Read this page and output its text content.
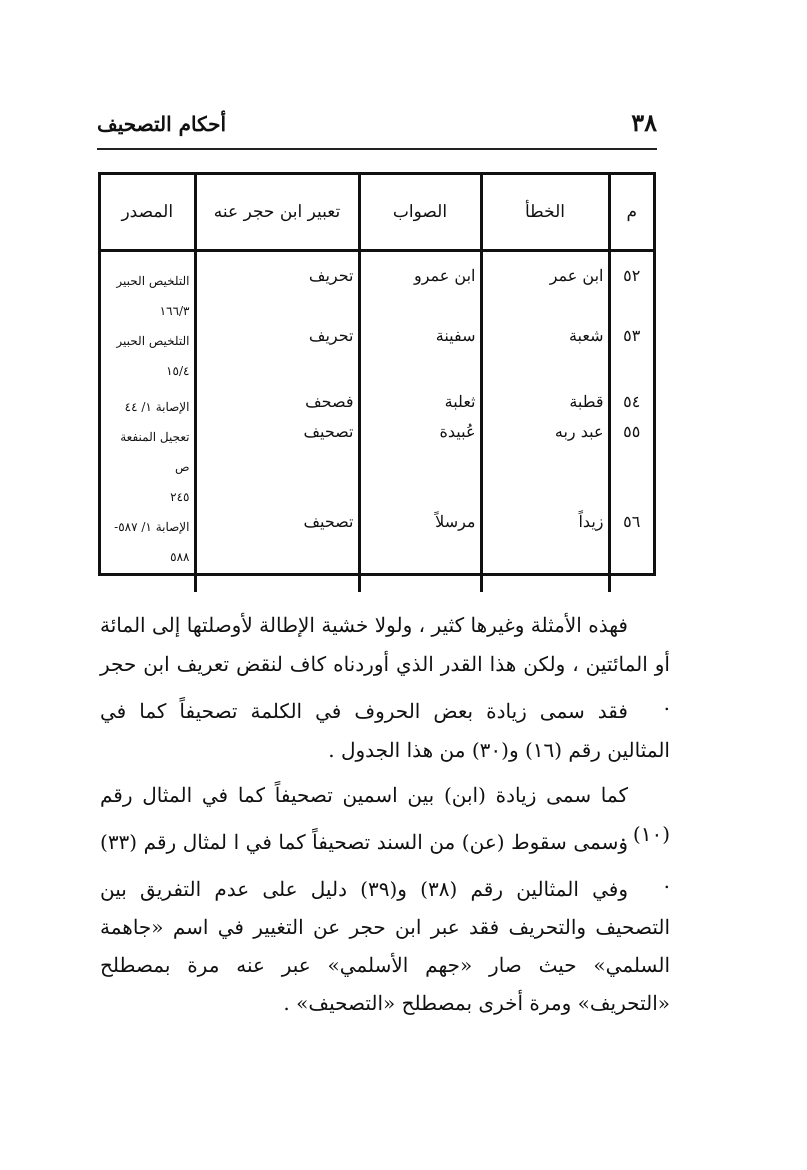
٣٨
أحكام التصحيف
م	الخطأ	الصواب	تعبير ابن حجر عنه	المصدر
٥٢	ابن عمر	ابن عمرو	تحريف	التلخيص الحبير
١٦٦/٣

٥٣	شعبة	سفينة	تحريف	التلخيص الحبير
١٥/٤

٥٤	قطبة	ثعلبة	فصحف	الإصابة ١/ ٤٤

٥٥	عبد ربه	عُبيدة	تصحيف	تعجيل المنفعة ص
٢٤٥

٥٦	زيداً	مرسلاً	تصحيف	الإصابة ١/ ٥٨٧-
٥٨٨

فهذه الأمثلة وغيرها كثير ، ولولا خشية الإطالة لأوصلتها إلى المائة أو المائتين ، ولكن هذا القدر الذي أوردناه كاف لنقض تعريف ابن حجر .

فقد سمى زيادة بعض الحروف في الكلمة تصحيفاً كما في المثالين رقم (١٦) و(٣٠) من هذا الجدول .

كما سمى زيادة (ابن) بين اسمين تصحيفاً كما في المثال رقم (١٠) .

وسمى سقوط (عن) من السند تصحيفاً كما في ا لمثال رقم (٣٣) .

وفي المثالين رقم (٣٨) و(٣٩) دليل على عدم التفريق بين التصحيف والتحريف فقد عبر ابن حجر عن التغيير في اسم «جاهمة السلمي» حيث صار «جهم الأسلمي» عبر عنه مرة بمصطلح «التحريف» ومرة أخرى بمصطلح «التصحيف» .
